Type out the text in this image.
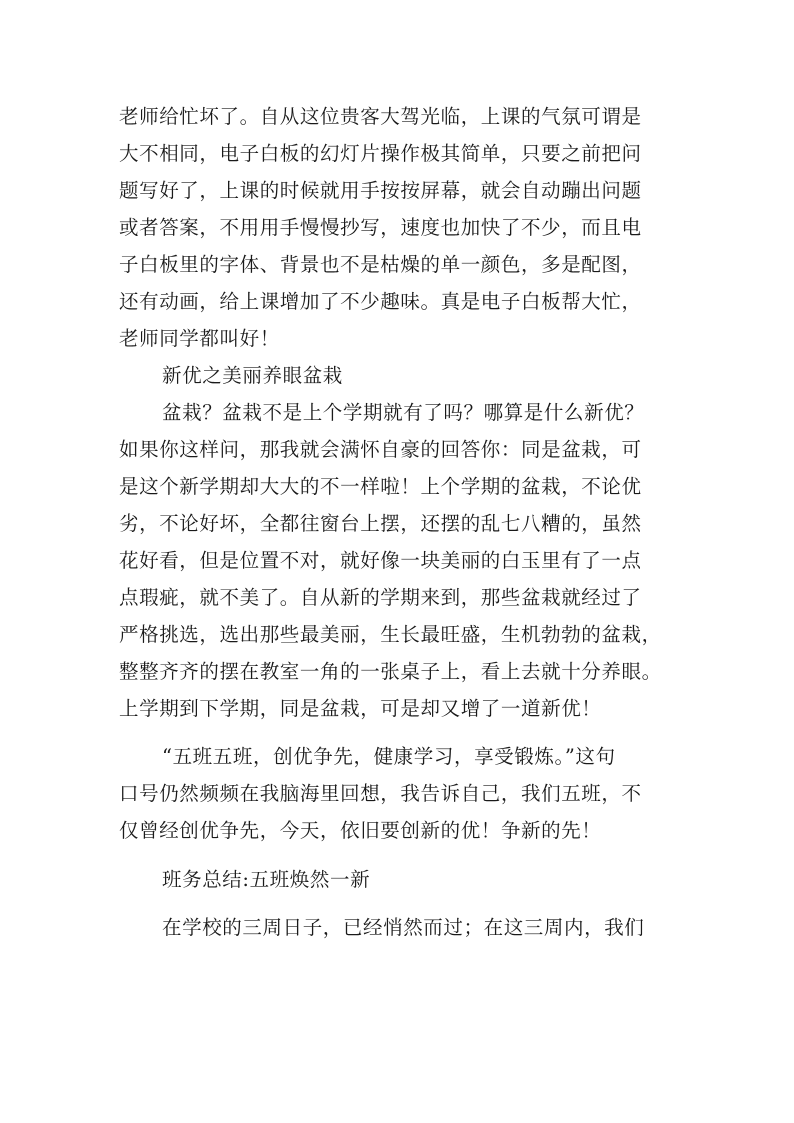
老师给忙坏了。自从这位贵客大驾光临，上课的气氛可谓是
大不相同，电子白板的幻灯片操作极其简单，只要之前把问
题写好了，上课的时候就用手按按屏幕，就会自动蹦出问题
或者答案，不用用手慢慢抄写，速度也加快了不少，而且电
子白板里的字体、背景也不是枯燥的单一颜色，多是配图，
还有动画，给上课增加了不少趣味。真是电子白板帮大忙，
老师同学都叫好！
新优之美丽养眼盆栽
盆栽？盆栽不是上个学期就有了吗？哪算是什么新优？
如果你这样问，那我就会满怀自豪的回答你：同是盆栽，可
是这个新学期却大大的不一样啦！上个学期的盆栽，不论优
劣，不论好坏，全都往窗台上摆，还摆的乱七八糟的，虽然
花好看，但是位置不对，就好像一块美丽的白玉里有了一点
点瑕疵，就不美了。自从新的学期来到，那些盆栽就经过了
严格挑选，选出那些最美丽，生长最旺盛，生机勃勃的盆栽，
整整齐齐的摆在教室一角的一张桌子上，看上去就十分养眼。
上学期到下学期，同是盆栽，可是却又增了一道新优！
“五班五班，创优争先，健康学习，享受锻炼。”这句
口号仍然频频在我脑海里回想，我告诉自己，我们五班，不
仅曾经创优争先，今天，依旧要创新的优！争新的先！
班务总结:五班焕然一新
在学校的三周日子，已经悄然而过；在这三周内，我们
